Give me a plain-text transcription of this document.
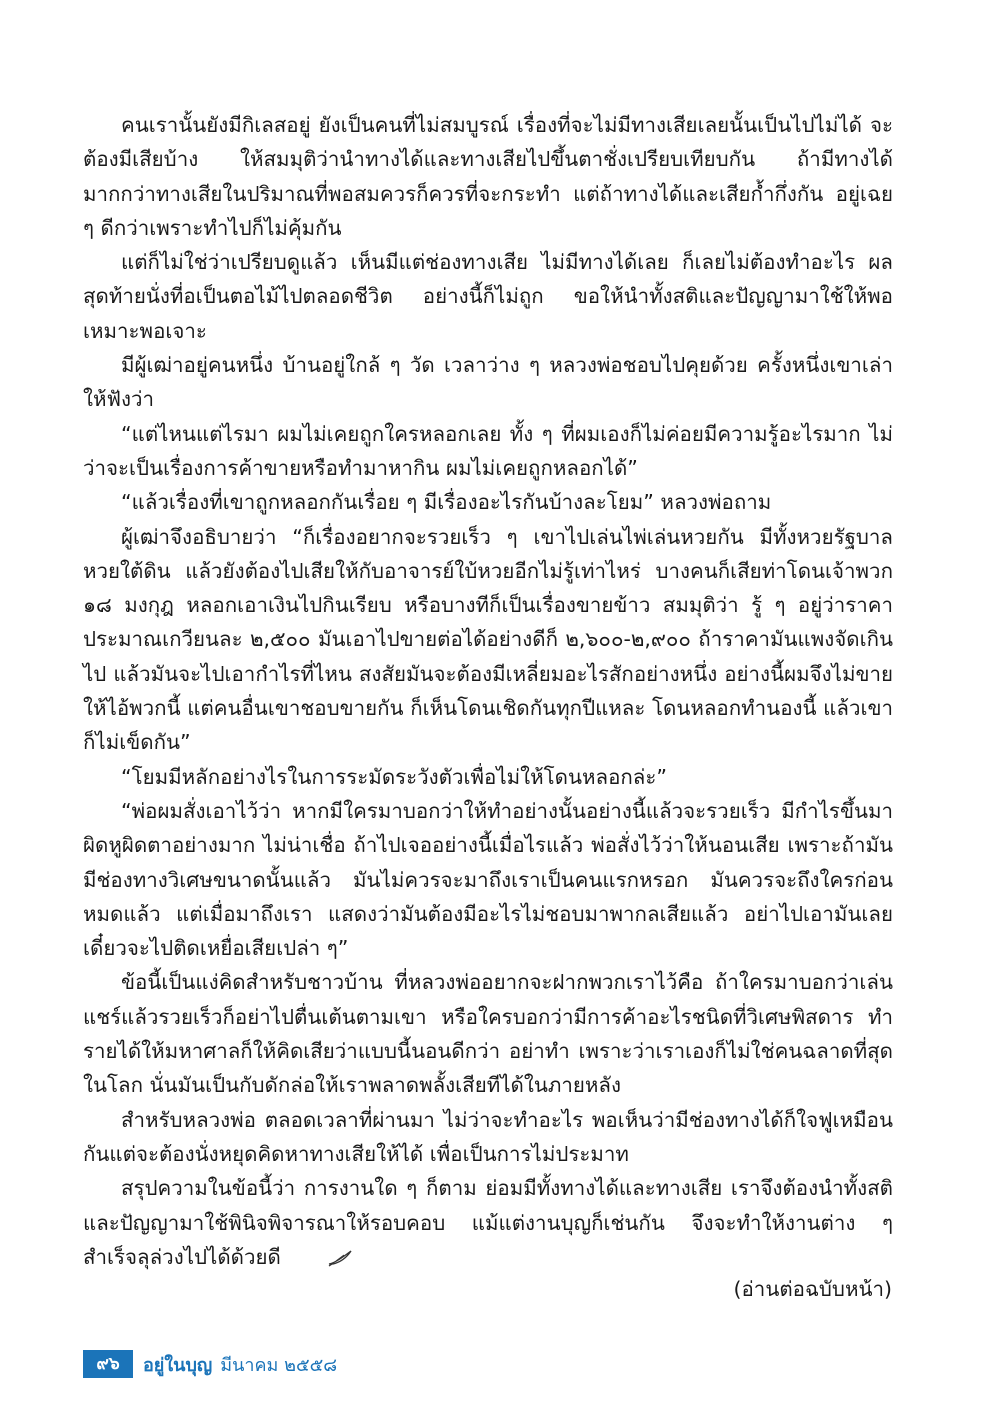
คนเรานั้นยังมีกิเลสอยู่ ยังเป็นคนที่ไม่สมบูรณ์ เรื่องที่จะไม่มีทางเสียเลยนั้นเป็นไปไม่ได้ จะต้องมีเสียบ้าง ให้สมมุติว่านำทางได้และทางเสียไปขึ้นตาชั่งเปรียบเทียบกัน ถ้ามีทางได้มากกว่าทางเสียในปริมาณที่พอสมควรก็ควรที่จะกระทำ แต่ถ้าทางได้และเสียก้ำกึ่งกัน อยู่เฉย ๆ ดีกว่าเพราะทำไปก็ไม่คุ้มกัน

แต่ก็ไม่ใช่ว่าเปรียบดูแล้ว เห็นมีแต่ช่องทางเสีย ไม่มีทางได้เลย ก็เลยไม่ต้องทำอะไร ผลสุดท้ายนั่งที่อเป็นตอไม้ไปตลอดชีวิต อย่างนี้ก็ไม่ถูก ขอให้นำทั้งสติและปัญญามาใช้ให้พอเหมาะพอเจาะ

มีผู้เฒ่าอยู่คนหนึ่ง บ้านอยู่ใกล้ ๆ วัด เวลาว่าง ๆ หลวงพ่อชอบไปคุยด้วย ครั้งหนึ่งเขาเล่าให้ฟังว่า

“แต่ไหนแต่ไรมา ผมไม่เคยถูกใครหลอกเลย ทั้ง ๆ ที่ผมเองก็ไม่ค่อยมีความรู้อะไรมาก ไม่ว่าจะเป็นเรื่องการค้าขายหรือทำมาหากิน ผมไม่เคยถูกหลอกได้”

“แล้วเรื่องที่เขาถูกหลอกกันเรื่อย ๆ มีเรื่องอะไรกันบ้างละโยม” หลวงพ่อถาม

ผู้เฒ่าจึงอธิบายว่า “ก็เรื่องอยากจะรวยเร็ว ๆ เขาไปเล่นไพ่เล่นหวยกัน มีทั้งหวยรัฐบาลหวยใต้ดิน แล้วยังต้องไปเสียให้กับอาจารย์ใบ้หวยอีกไม่รู้เท่าไหร่ บางคนก็เสียท่าโดนเจ้าพวก ๑๘ มงกุฎ หลอกเอาเงินไปกินเรียบ หรือบางทีก็เป็นเรื่องขายข้าว สมมุติว่า รู้ ๆ อยู่ว่าราคาประมาณเกวียนละ ๒,๕๐๐ มันเอาไปขายต่อได้อย่างดีก็ ๒,๖๐๐-๒,๙๐๐ ถ้าราคามันแพงจัดเกินไป แล้วมันจะไปเอากำไรที่ไหน สงสัยมันจะต้องมีเหลี่ยมอะไรสักอย่างหนึ่ง อย่างนี้ผมจึงไม่ขายให้ไอ้พวกนี้ แต่คนอื่นเขาชอบขายกัน ก็เห็นโดนเชิดกันทุกปีแหละ โดนหลอกทำนองนี้ แล้วเขาก็ไม่เข็ดกัน”

“โยมมีหลักอย่างไรในการระมัดระวังตัวเพื่อไม่ให้โดนหลอกล่ะ”

“พ่อผมสั่งเอาไว้ว่า หากมีใครมาบอกว่าให้ทำอย่างนั้นอย่างนี้แล้วจะรวยเร็ว มีกำไรขึ้นมาผิดหูผิดตาอย่างมาก ไม่น่าเชื่อ ถ้าไปเจออย่างนี้เมื่อไรแล้ว พ่อสั่งไว้ว่าให้นอนเสีย เพราะถ้ามันมีช่องทางวิเศษขนาดนั้นแล้ว มันไม่ควรจะมาถึงเราเป็นคนแรกหรอก มันควรจะถึงใครก่อนหมดแล้ว แต่เมื่อมาถึงเรา แสดงว่ามันต้องมีอะไรไม่ชอบมาพากลเสียแล้ว อย่าไปเอามันเลย เดี๋ยวจะไปติดเหยื่อเสียเปล่า ๆ”

ข้อนี้เป็นแง่คิดสำหรับชาวบ้าน ที่หลวงพ่ออยากจะฝากพวกเราไว้คือ ถ้าใครมาบอกว่าเล่นแชร์แล้วรวยเร็วก็อย่าไปตื่นเต้นตามเขา หรือใครบอกว่ามีการค้าอะไรชนิดที่วิเศษพิสดาร ทำรายได้ให้มหาศาลก็ให้คิดเสียว่าแบบนี้นอนดีกว่า อย่าทำ เพราะว่าเราเองก็ไม่ใช่คนฉลาดที่สุดในโลก นั่นมันเป็นกับดักล่อให้เราพลาดพลั้งเสียทีได้ในภายหลัง

สำหรับหลวงพ่อ ตลอดเวลาที่ผ่านมา ไม่ว่าจะทำอะไร พอเห็นว่ามีช่องทางได้ก็ใจฟูเหมือนกันแต่จะต้องนั่งหยุดคิดหาทางเสียให้ได้ เพื่อเป็นการไม่ประมาท

สรุปความในข้อนี้ว่า การงานใด ๆ ก็ตาม ย่อมมีทั้งทางได้และทางเสีย เราจึงต้องนำทั้งสติและปัญญามาใช้พินิจพิจารณาให้รอบคอบ แม้แต่งานบุญก็เช่นกัน จึงจะทำให้งานต่าง ๆ สำเร็จลุล่วงไปได้ด้วยดี

(อ่านต่อฉบับหน้า)
๙๖	อยู่ในบุญ มีนาคม ๒๕๕๘
